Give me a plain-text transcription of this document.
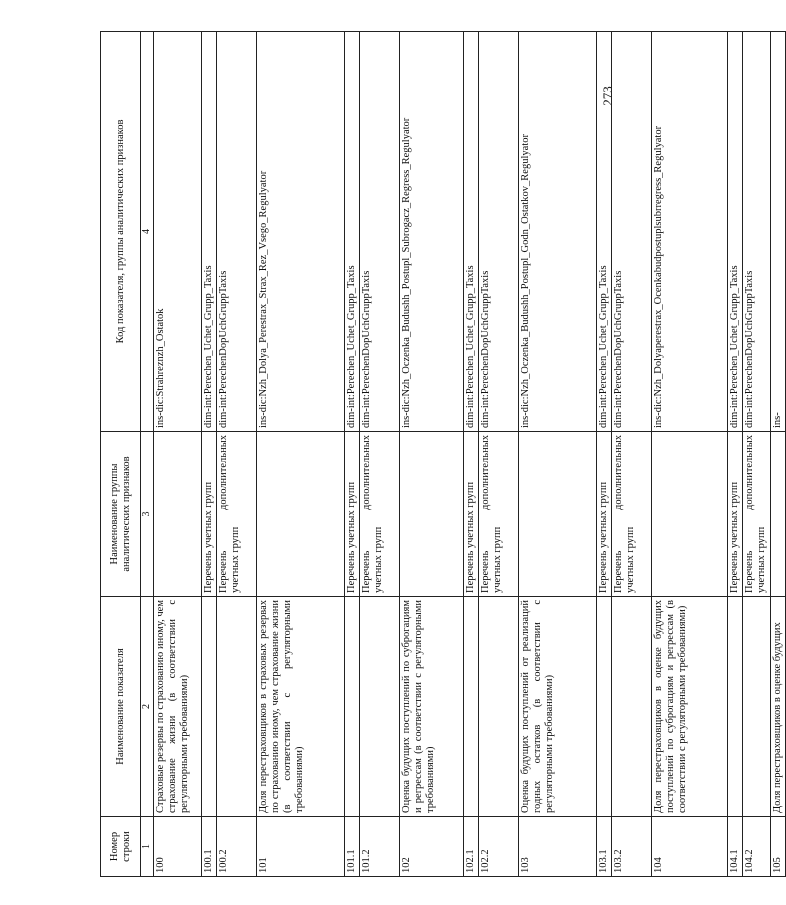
273
Номер строки	Наименование показателя	Наименование группы аналитических признаков	Код показателя, группы аналитических признаков
1	2	3	4
100	Страховые резервы по страхованию иному, чем страхование жизни (в соответствии с регуляторными требованиями)		ins-dic:Strahreznzh_Ostatok
100.1		Перечень учетных групп	dim-int:Perechen_Uchet_Grupp_Taxis
100.2		Перечень дополнительных учетных групп	dim-int:PerechenDopUchGruppTaxis
101	Доля перестраховщиков в страховых резервах по страхованию иному, чем страхование жизни (в соответствии с регуляторными требованиями)		ins-dic:Nzh_Dolya_Perestrax_Strax_Rez_Vsego_Regulyator
101.1		Перечень учетных групп	dim-int:Perechen_Uchet_Grupp_Taxis
101.2		Перечень дополнительных учетных групп	dim-int:PerechenDopUchGruppTaxis
102	Оценка будущих поступлений по суброгациям и регрессам (в соответствии с регуляторными требованиями)		ins-dic:Nzh_Oczenka_Budushh_Postupl_Subrogacz_Regress_Regulyator
102.1		Перечень учетных групп	dim-int:Perechen_Uchet_Grupp_Taxis
102.2		Перечень дополнительных учетных групп	dim-int:PerechenDopUchGruppTaxis
103	Оценка будущих поступлений от реализаций годных остатков (в соответствии с регуляторными требованиями)		ins-dic:Nzh_Oczenka_Budushh_Postupl_Godn_Ostatkov_Regulyator
103.1		Перечень учетных групп	dim-int:Perechen_Uchet_Grupp_Taxis
103.2		Перечень дополнительных учетных групп	dim-int:PerechenDopUchGruppTaxis
104	Доля перестраховщиков в оценке будущих поступлений по суброгациям и регрессам (в соответствии с регуляторными требованиями)		ins-dic:Nzh_Dolyaperestrax_Ocenkabudpostuplsubrregress_Regulyator
104.1		Перечень учетных групп	dim-int:Perechen_Uchet_Grupp_Taxis
104.2		Перечень дополнительных учетных групп	dim-int:PerechenDopUchGruppTaxis
105	Доля перестраховщиков в оценке будущих		ins-
